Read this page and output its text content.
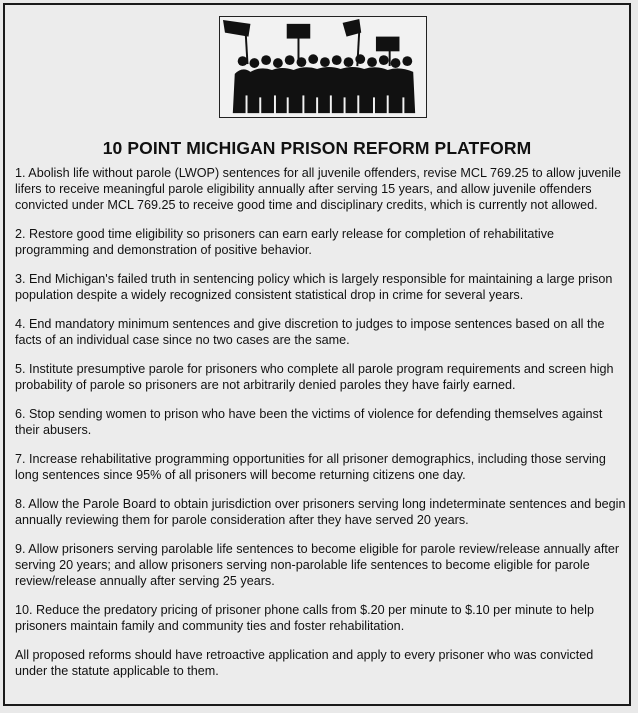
10 POINT MICHIGAN PRISON REFORM PLATFORM

1. Abolish life without parole (LWOP) sentences for all juvenile offenders, revise MCL 769.25 to allow juvenile lifers to receive meaningful parole eligibility annually after serving 15 years, and allow juvenile offenders convicted under MCL 769.25 to receive good time and disciplinary credits, which is currently not allowed.

2. Restore good time eligibility so prisoners can earn early release for completion of rehabilitative programming and demonstration of positive behavior.

3. End Michigan's failed truth in sentencing policy which is largely responsible for maintaining a large prison population despite a widely recognized consistent statistical drop in crime for several years.

4. End mandatory minimum sentences and give discretion to judges to impose sentences based on all the facts of an individual case since no two cases are the same.

5. Institute presumptive parole for prisoners who complete all parole program requirements and screen high probability of parole so prisoners are not arbitrarily denied paroles they have fairly earned.

6. Stop sending women to prison who have been the victims of violence for defending themselves against their abusers.

7. Increase rehabilitative programming opportunities for all prisoner demographics, including those serving long sentences since 95% of all prisoners will become returning citizens one day.

8. Allow the Parole Board to obtain jurisdiction over prisoners serving long indeterminate sentences and begin annually reviewing them for parole consideration after they have served 20 years.

9. Allow prisoners serving parolable life sentences to become eligible for parole review/release annually after serving 20 years; and allow prisoners serving non-parolable life sentences to become eligible for parole review/release annually after serving 25 years.

10. Reduce the predatory pricing of prisoner phone calls from $.20 per minute to $.10 per minute to help prisoners maintain family and community ties and foster rehabilitation.

All proposed reforms should have retroactive application and apply to every prisoner who was convicted under the statute applicable to them.
